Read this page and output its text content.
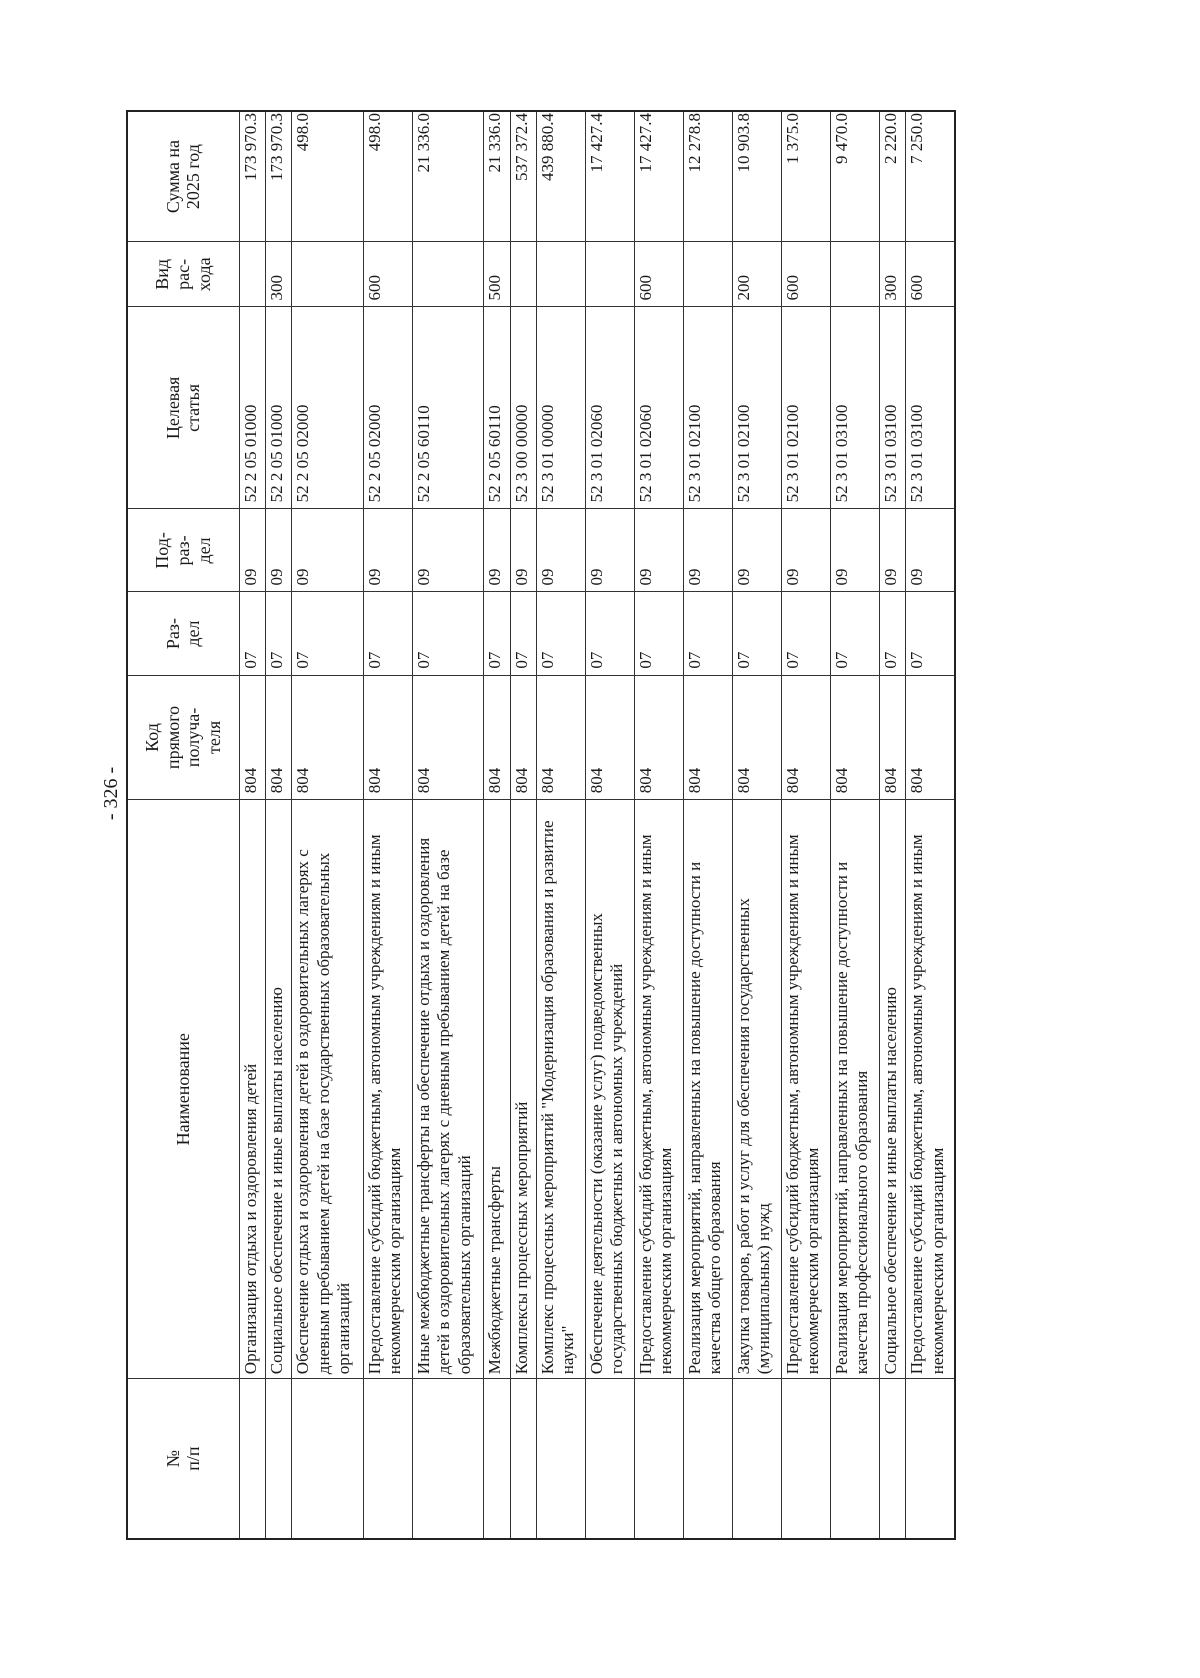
- 326 -
№
п/п	Наименование	Код
прямого
получа-
теля	Раз-
дел	Под-
раз-
дел	Целевая
статья	Вид
рас-
хода	Сумма на
2025 год
	Организация отдыха и оздоровления детей	804	07	09	52 2 05 01000		173 970.3
	Социальное обеспечение и иные выплаты населению	804	07	09	52 2 05 01000	300	173 970.3
	Обеспечение отдыха и оздоровления детей в оздоровительных лагерях с дневным пребыванием детей на базе государственных образовательных организаций	804	07	09	52 2 05 02000		498.0
	Предоставление субсидий бюджетным, автономным учреждениям и иным некоммерческим организациям	804	07	09	52 2 05 02000	600	498.0
	Иные межбюджетные трансферты на обеспечение отдыха и оздоровления детей в оздоровительных лагерях с дневным пребыванием детей на базе образовательных организаций	804	07	09	52 2 05 60110		21 336.0
	Межбюджетные трансферты	804	07	09	52 2 05 60110	500	21 336.0
	Комплексы процессных мероприятий	804	07	09	52 3 00 00000		537 372.4
	Комплекс процессных мероприятий "Модернизация образования и развитие науки"	804	07	09	52 3 01 00000		439 880.4
	Обеспечение деятельности (оказание услуг) подведомственных государственных бюджетных и автономных учреждений	804	07	09	52 3 01 02060		17 427.4
	Предоставление субсидий бюджетным, автономным учреждениям и иным некоммерческим организациям	804	07	09	52 3 01 02060	600	17 427.4
	Реализация мероприятий, направленных на повышение доступности и качества общего образования	804	07	09	52 3 01 02100		12 278.8
	Закупка товаров, работ и услуг для обеспечения государственных (муниципальных) нужд	804	07	09	52 3 01 02100	200	10 903.8
	Предоставление субсидий бюджетным, автономным учреждениям и иным некоммерческим организациям	804	07	09	52 3 01 02100	600	1 375.0
	Реализация мероприятий, направленных на повышение доступности и качества профессионального образования	804	07	09	52 3 01 03100		9 470.0
	Социальное обеспечение и иные выплаты населению	804	07	09	52 3 01 03100	300	2 220.0
	Предоставление субсидий бюджетным, автономным учреждениям и иным некоммерческим организациям	804	07	09	52 3 01 03100	600	7 250.0
